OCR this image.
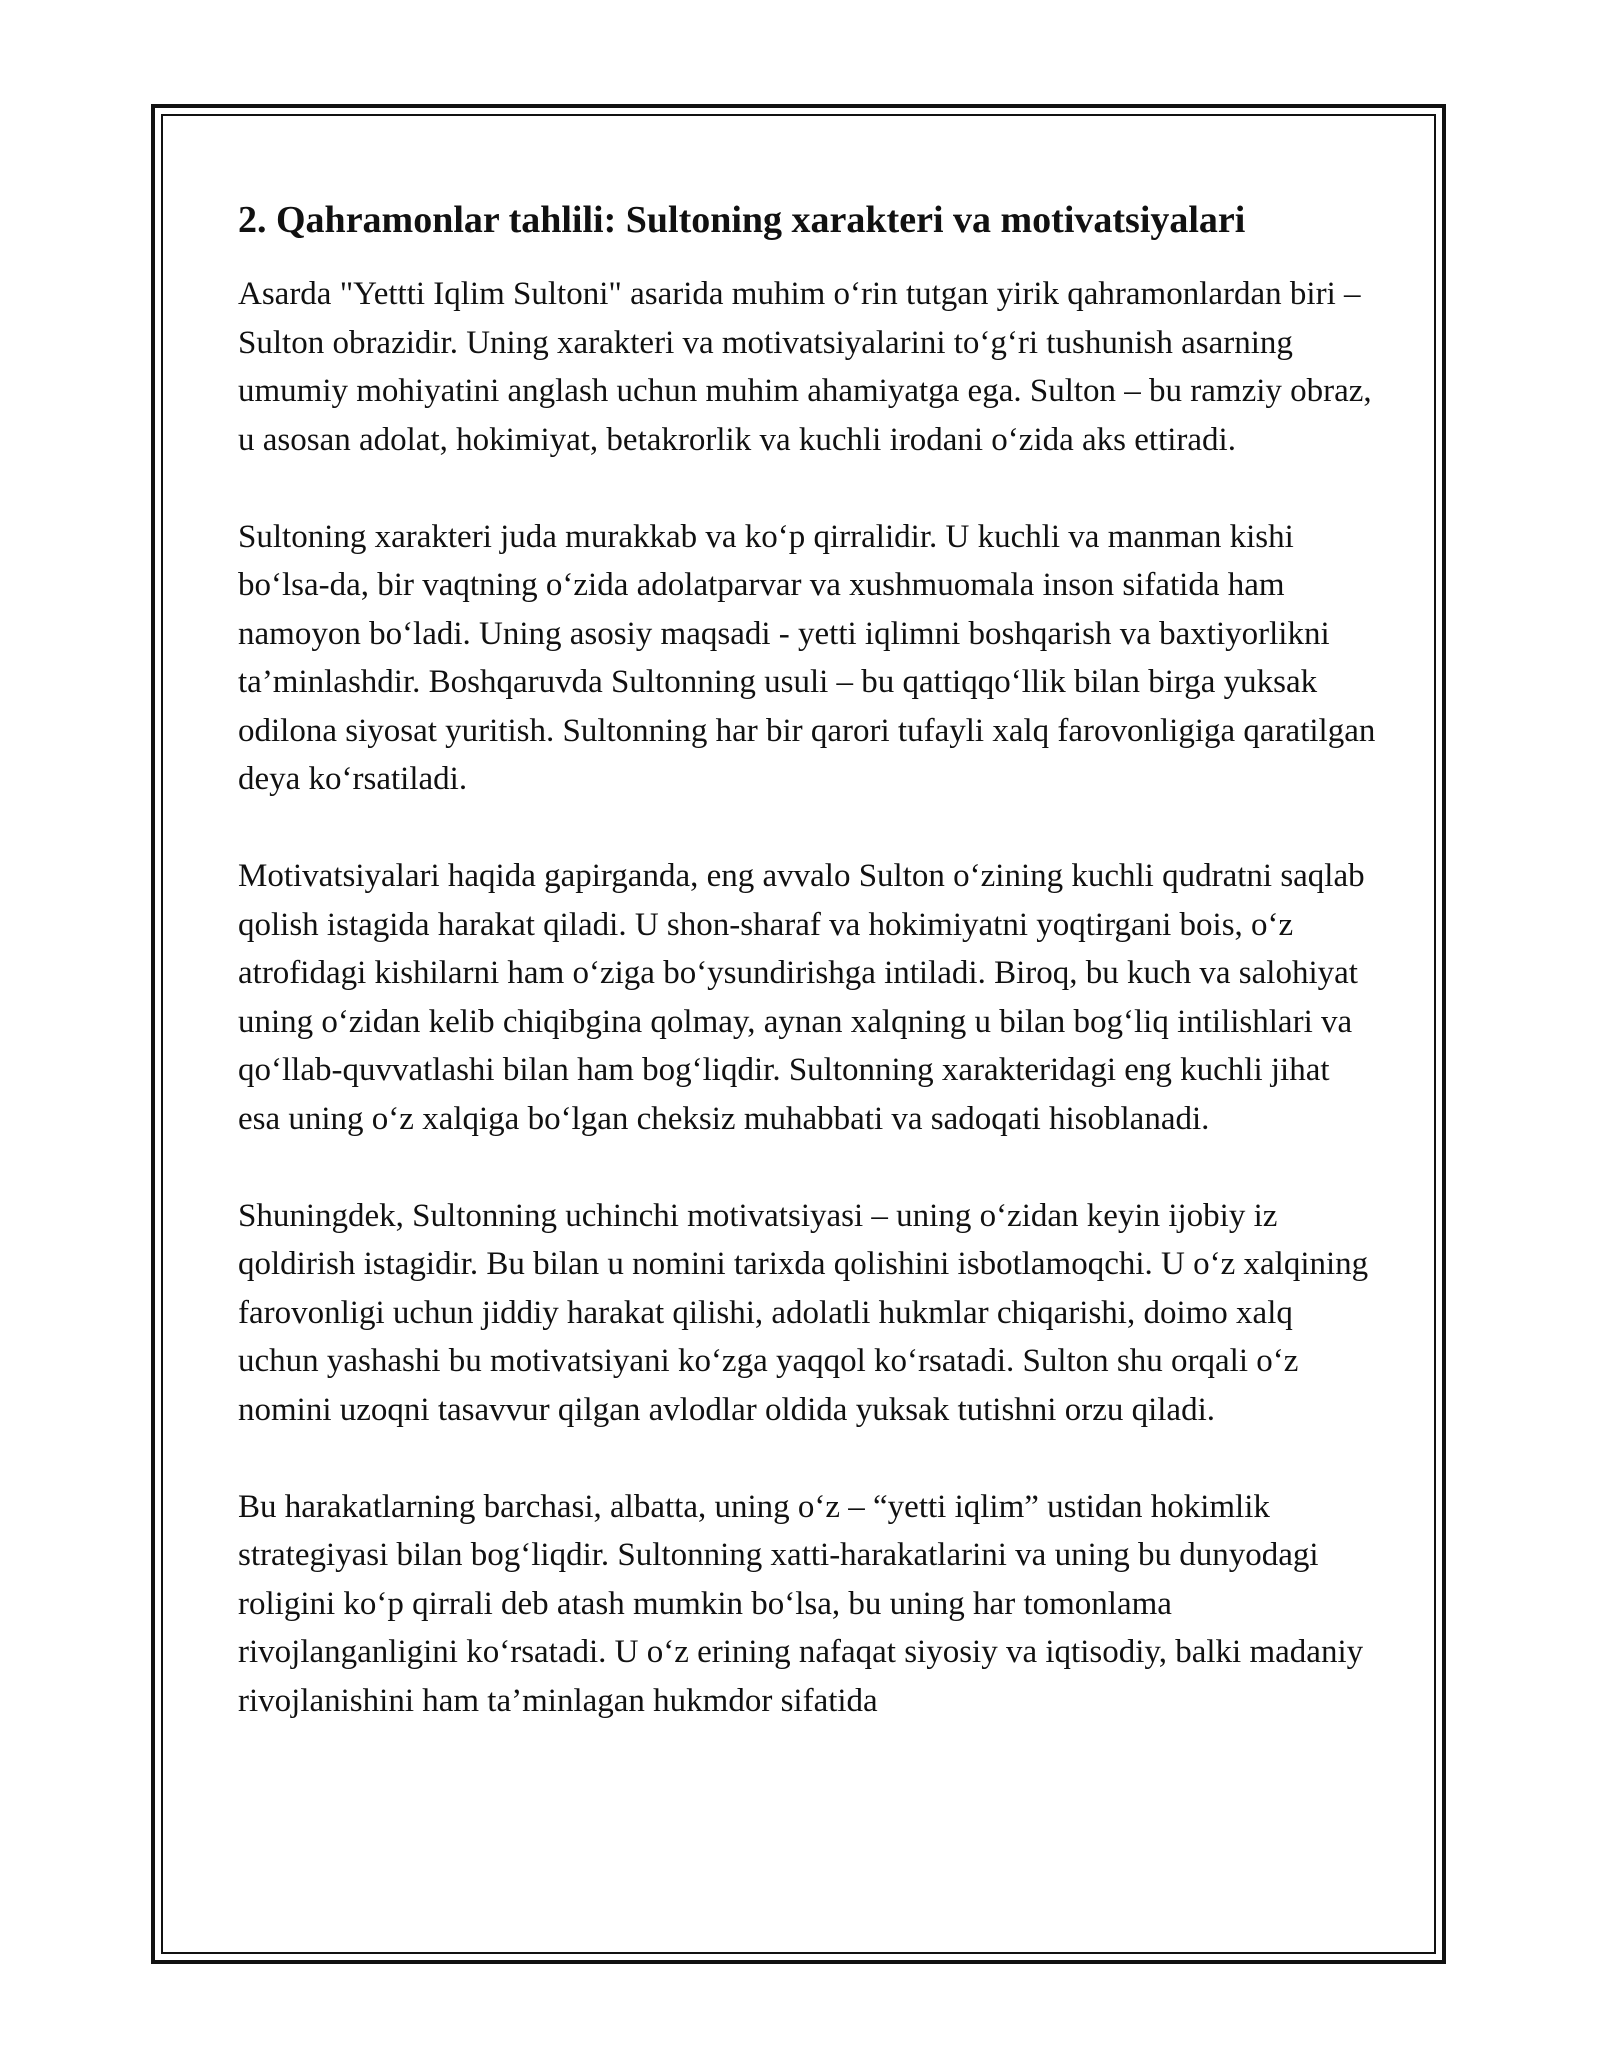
2. Qahramonlar tahlili: Sultoning xarakteri va motivatsiyalari

Asarda "Yettti Iqlim Sultoni" asarida muhim o‘rin tutgan yirik qahramonlardan biri – Sulton obrazidir. Uning xarakteri va motivatsiyalarini to‘g‘ri tushunish asarning umumiy mohiyatini anglash uchun muhim ahamiyatga ega. Sulton – bu ramziy obraz, u asosan adolat, hokimiyat, betakrorlik va kuchli irodani o‘zida aks ettiradi.

Sultoning xarakteri juda murakkab va ko‘p qirralidir. U kuchli va manman kishi bo‘lsa-da, bir vaqtning o‘zida adolatparvar va xushmuomala inson sifatida ham namoyon bo‘ladi. Uning asosiy maqsadi - yetti iqlimni boshqarish va baxtiyorlikni ta’minlashdir. Boshqaruvda Sultonning usuli – bu qattiqqo‘llik bilan birga yuksak odilona siyosat yuritish. Sultonning har bir qarori tufayli xalq farovonligiga qaratilgan deya ko‘rsatiladi.

Motivatsiyalari haqida gapirganda, eng avvalo Sulton o‘zining kuchli qudratni saqlab qolish istagida harakat qiladi. U shon-sharaf va hokimiyatni yoqtirgani bois, o‘z atrofidagi kishilarni ham o‘ziga bo‘ysundirishga intiladi. Biroq, bu kuch va salohiyat uning o‘zidan kelib chiqibgina qolmay, aynan xalqning u bilan bog‘liq intilishlari va qo‘llab-quvvatlashi bilan ham bog‘liqdir. Sultonning xarakteridagi eng kuchli jihat esa uning o‘z xalqiga bo‘lgan cheksiz muhabbati va sadoqati hisoblanadi.

Shuningdek, Sultonning uchinchi motivatsiyasi – uning o‘zidan keyin ijobiy iz qoldirish istagidir. Bu bilan u nomini tarixda qolishini isbotlamoqchi. U o‘z xalqining farovonligi uchun jiddiy harakat qilishi, adolatli hukmlar chiqarishi, doimo xalq uchun yashashi bu motivatsiyani ko‘zga yaqqol ko‘rsatadi. Sulton shu orqali o‘z nomini uzoqni tasavvur qilgan avlodlar oldida yuksak tutishni orzu qiladi.

Bu harakatlarning barchasi, albatta, uning o‘z – “yetti iqlim” ustidan hokimlik strategiyasi bilan bog‘liqdir. Sultonning xatti-harakatlarini va uning bu dunyodagi roligini ko‘p qirrali deb atash mumkin bo‘lsa, bu uning har tomonlama rivojlanganligini ko‘rsatadi. U o‘z erining nafaqat siyosiy va iqtisodiy, balki madaniy rivojlanishini ham ta’minlagan hukmdor sifatida
